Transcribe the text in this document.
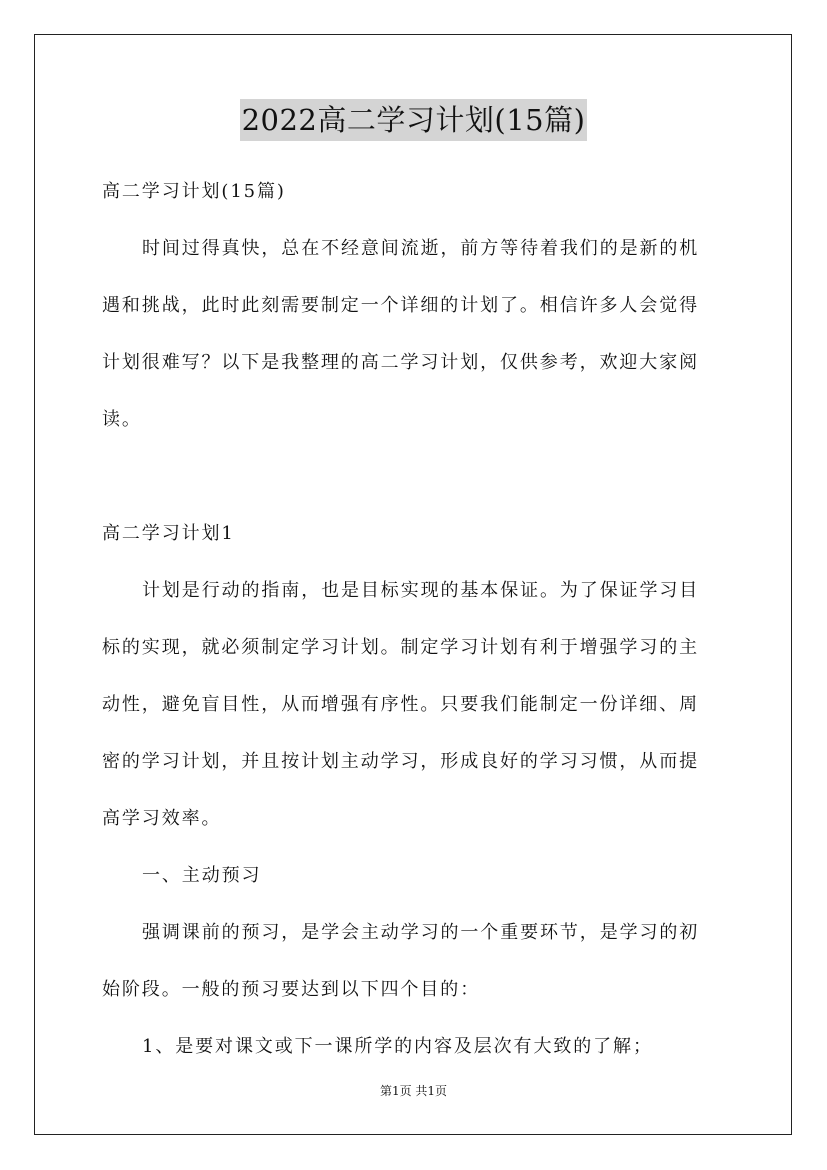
2022高二学习计划(15篇)
高二学习计划(15篇)
时间过得真快，总在不经意间流逝，前方等待着我们的是新的机
遇和挑战，此时此刻需要制定一个详细的计划了。相信许多人会觉得
计划很难写？以下是我整理的高二学习计划，仅供参考，欢迎大家阅
读。
高二学习计划1
计划是行动的指南，也是目标实现的基本保证。为了保证学习目
标的实现，就必须制定学习计划。制定学习计划有利于增强学习的主
动性，避免盲目性，从而增强有序性。只要我们能制定一份详细、周
密的学习计划，并且按计划主动学习，形成良好的学习习惯，从而提
高学习效率。
一、主动预习
强调课前的预习，是学会主动学习的一个重要环节，是学习的初
始阶段。一般的预习要达到以下四个目的：
1、是要对课文或下一课所学的内容及层次有大致的了解；
第1页 共1页
